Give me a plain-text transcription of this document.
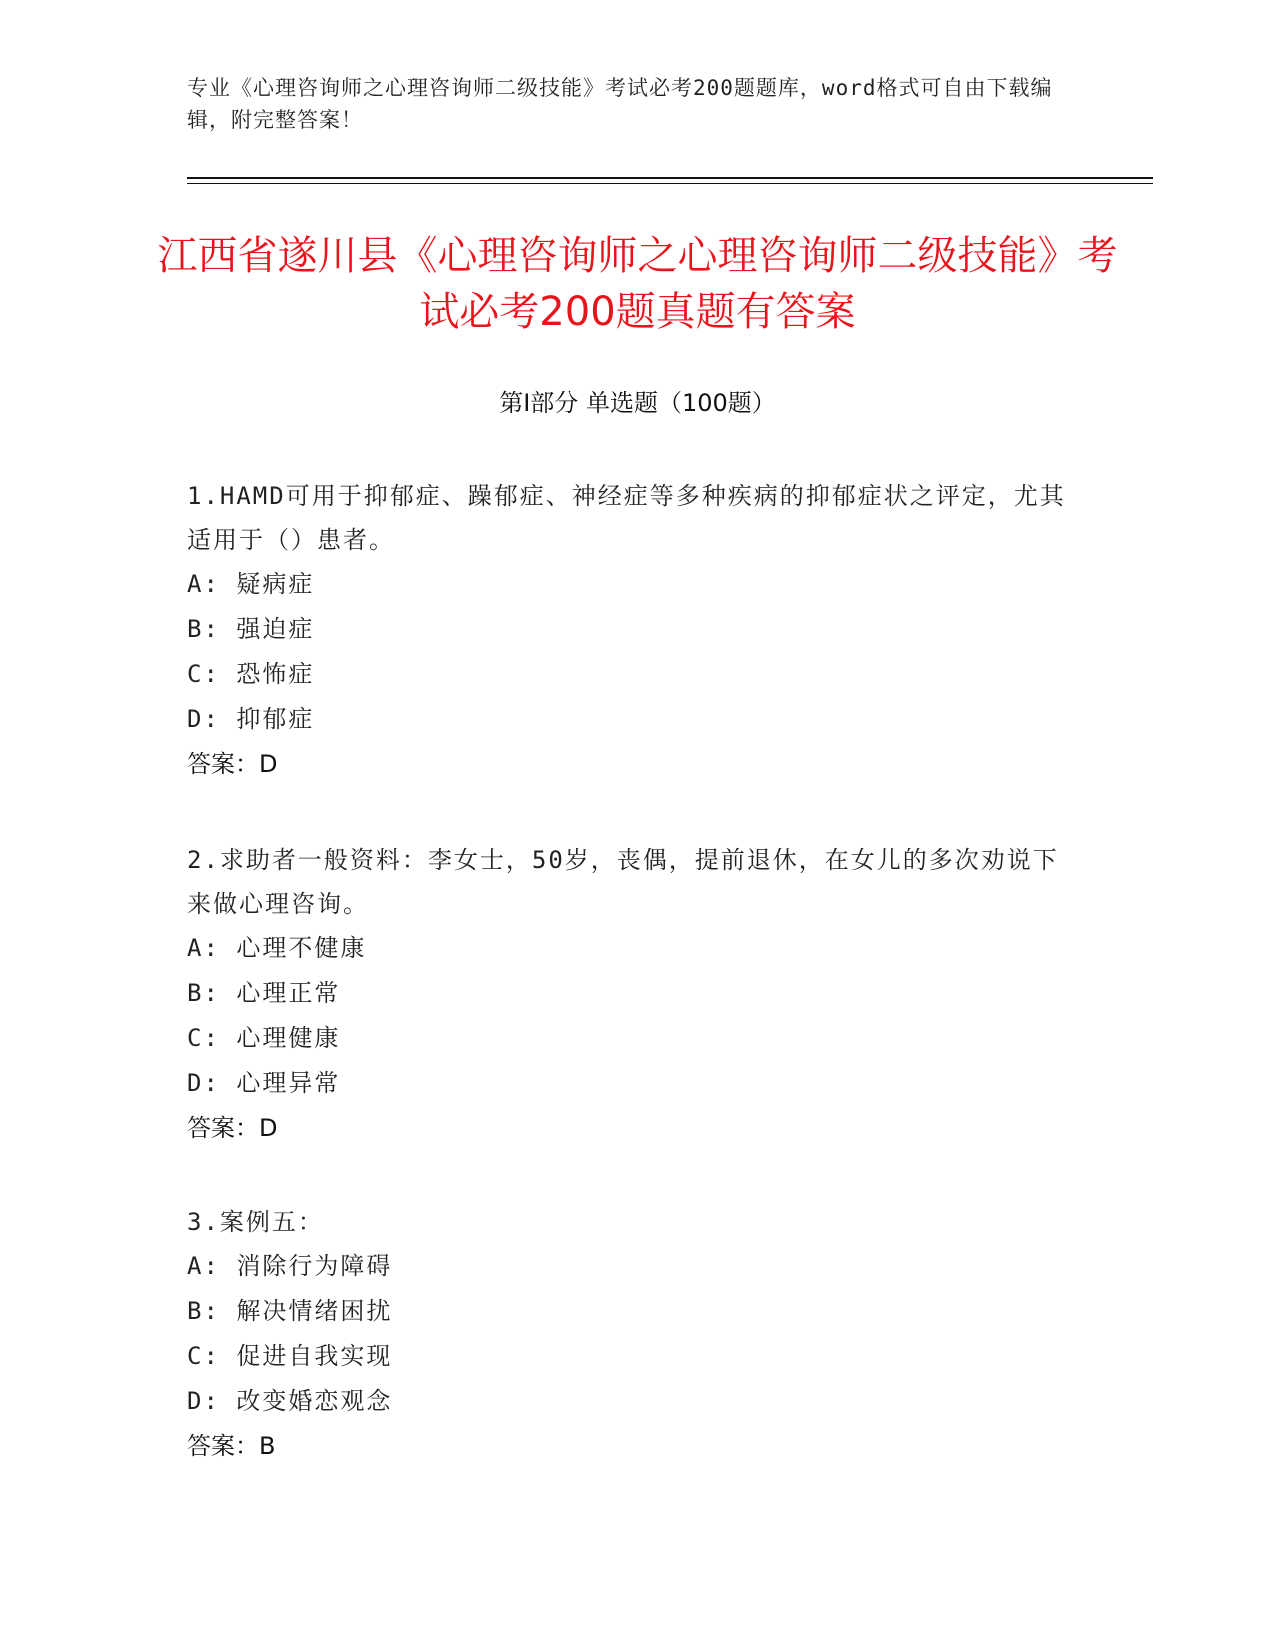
专业《心理咨询师之心理咨询师二级技能》考试必考200题题库，word格式可自由下载编辑，附完整答案！
江西省遂川县《心理咨询师之心理咨询师二级技能》考试必考200题真题有答案
第Ⅰ部分 单选题（100题）
1.HAMD可用于抑郁症、躁郁症、神经症等多种疾病的抑郁症状之评定，尤其适用于（）患者。
A: 疑病症
B: 强迫症
C: 恐怖症
D: 抑郁症
答案：D
2.求助者一般资料：李女士，50岁，丧偶，提前退休，在女儿的多次劝说下来做心理咨询。
A: 心理不健康
B: 心理正常
C: 心理健康
D: 心理异常
答案：D
3.案例五：
A: 消除行为障碍
B: 解决情绪困扰
C: 促进自我实现
D: 改变婚恋观念
答案：B
